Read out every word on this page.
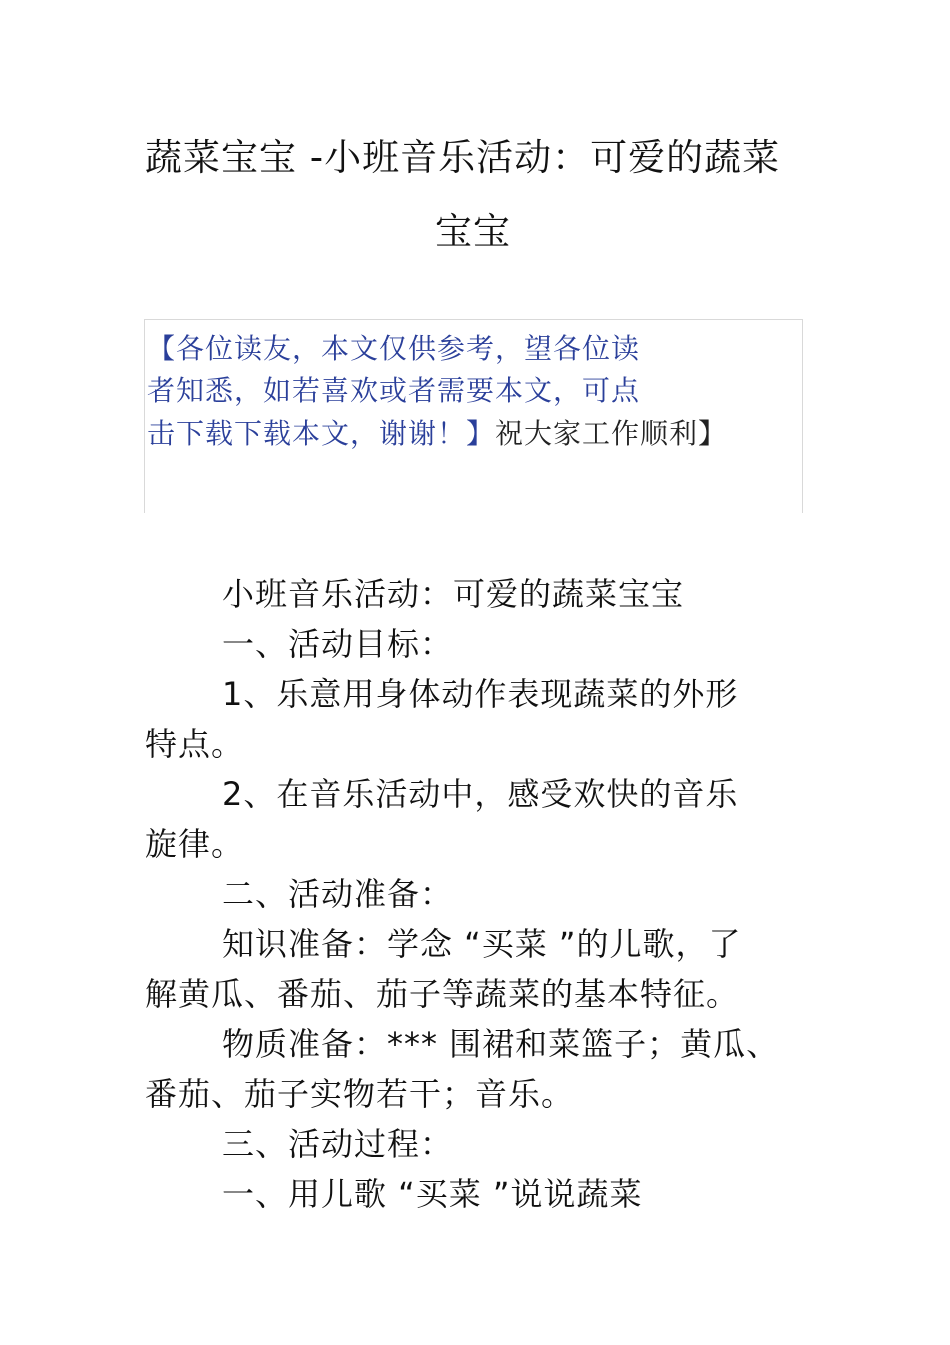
蔬菜宝宝 -小班音乐活动：可爱的蔬菜
宝宝
【各位读友，本文仅供参考，望各位读
者知悉，如若喜欢或者需要本文，可点
击下载下载本文，谢谢！】祝大家工作顺利】
小班音乐活动：可爱的蔬菜宝宝
一、活动目标：
1、乐意用身体动作表现蔬菜的外形
特点。
2、在音乐活动中，感受欢快的音乐
旋律。
二、活动准备：
知识准备：学念 “买菜 ”的儿歌，了
解黄瓜、番茄、茄子等蔬菜的基本特征。
物质准备：*** 围裙和菜篮子；黄瓜、
番茄、茄子实物若干；音乐。
三、活动过程：
一、用儿歌 “买菜 ”说说蔬菜
